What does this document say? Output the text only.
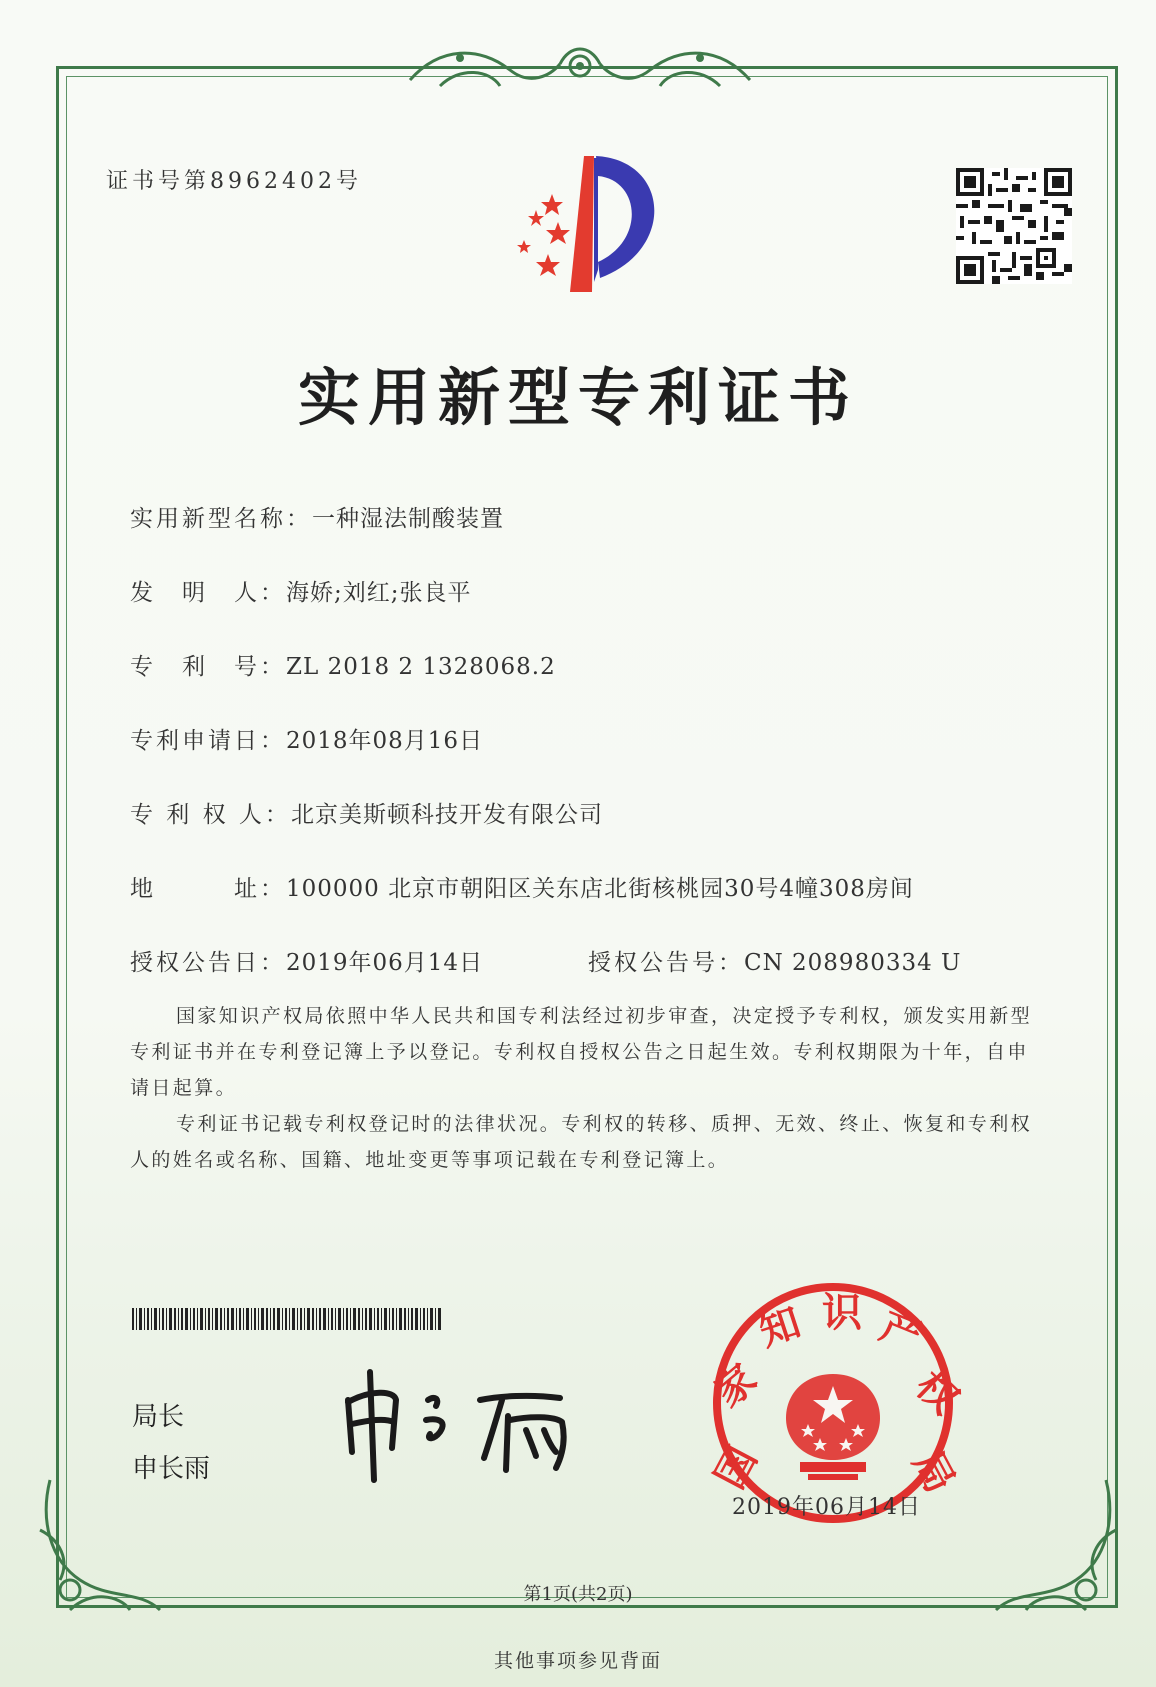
证书号第8962402号
实用新型专利证书
实用新型名称：一种湿法制酸装置
发　明　人：海娇;刘红;张良平
专　利　号：ZL 2018 2 1328068.2
专利申请日：2018年08月16日
专 利 权 人：北京美斯顿科技开发有限公司
地　　　址：100000 北京市朝阳区关东店北街核桃园30号4幢308房间
授权公告日：2019年06月14日	授权公告号：CN 208980334 U
国家知识产权局依照中华人民共和国专利法经过初步审查，决定授予专利权，颁发实用新型专利证书并在专利登记簿上予以登记。专利权自授权公告之日起生效。专利权期限为十年，自申请日起算。
专利证书记载专利权登记时的法律状况。专利权的转移、质押、无效、终止、恢复和专利权人的姓名或名称、国籍、地址变更等事项记载在专利登记簿上。
局长
申长雨	国
家
知 识 产
权
局
2019年06月14日
第1页(共2页)
其他事项参见背面
